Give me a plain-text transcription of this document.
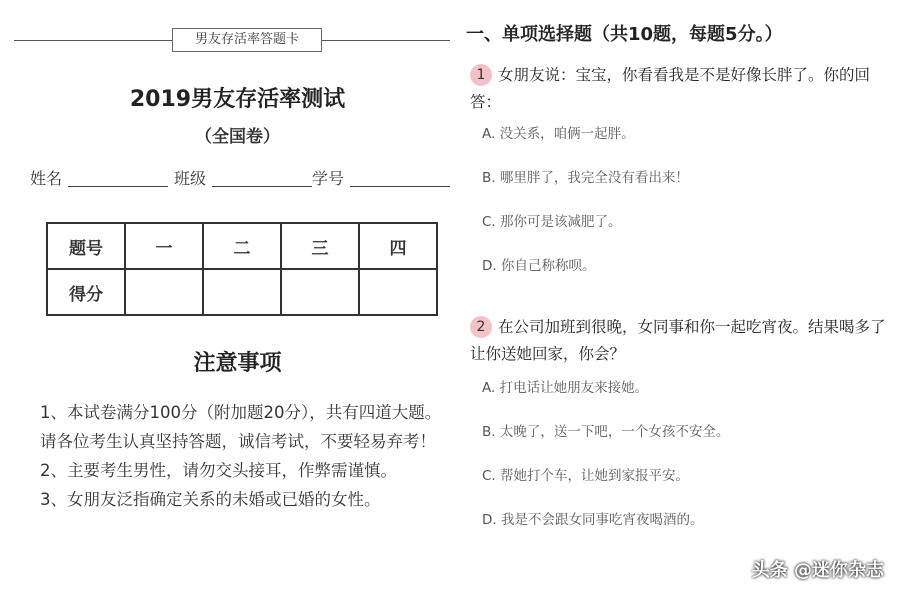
男友存活率答题卡
2019男友存活率测试
（全国卷）
姓名	班级	学号
题号	一	二	三	四
得分				
注意事项

1、本试卷满分100分（附加题20分），共有四道大题。请各位考生认真坚持答题，诚信考试，不要轻易弃考！

2、主要考生男性，请勿交头接耳，作弊需谨慎。

3、女朋友泛指确定关系的未婚或已婚的女性。

一、单项选择题（共10题，每题5分。）
1 女朋友说：宝宝，你看看我是不是好像长胖了。你的回答：
A. 没关系，咱俩一起胖。
B. 哪里胖了，我完全没有看出来！
C. 那你可是该减肥了。
D. 你自己称称呗。
2 在公司加班到很晚，女同事和你一起吃宵夜。结果喝多了让你送她回家，你会？
A. 打电话让她朋友来接她。
B. 太晚了，送一下吧，一个女孩不安全。
C. 帮她打个车，让她到家报平安。
D. 我是不会跟女同事吃宵夜喝酒的。
头条 @迷你杂志
